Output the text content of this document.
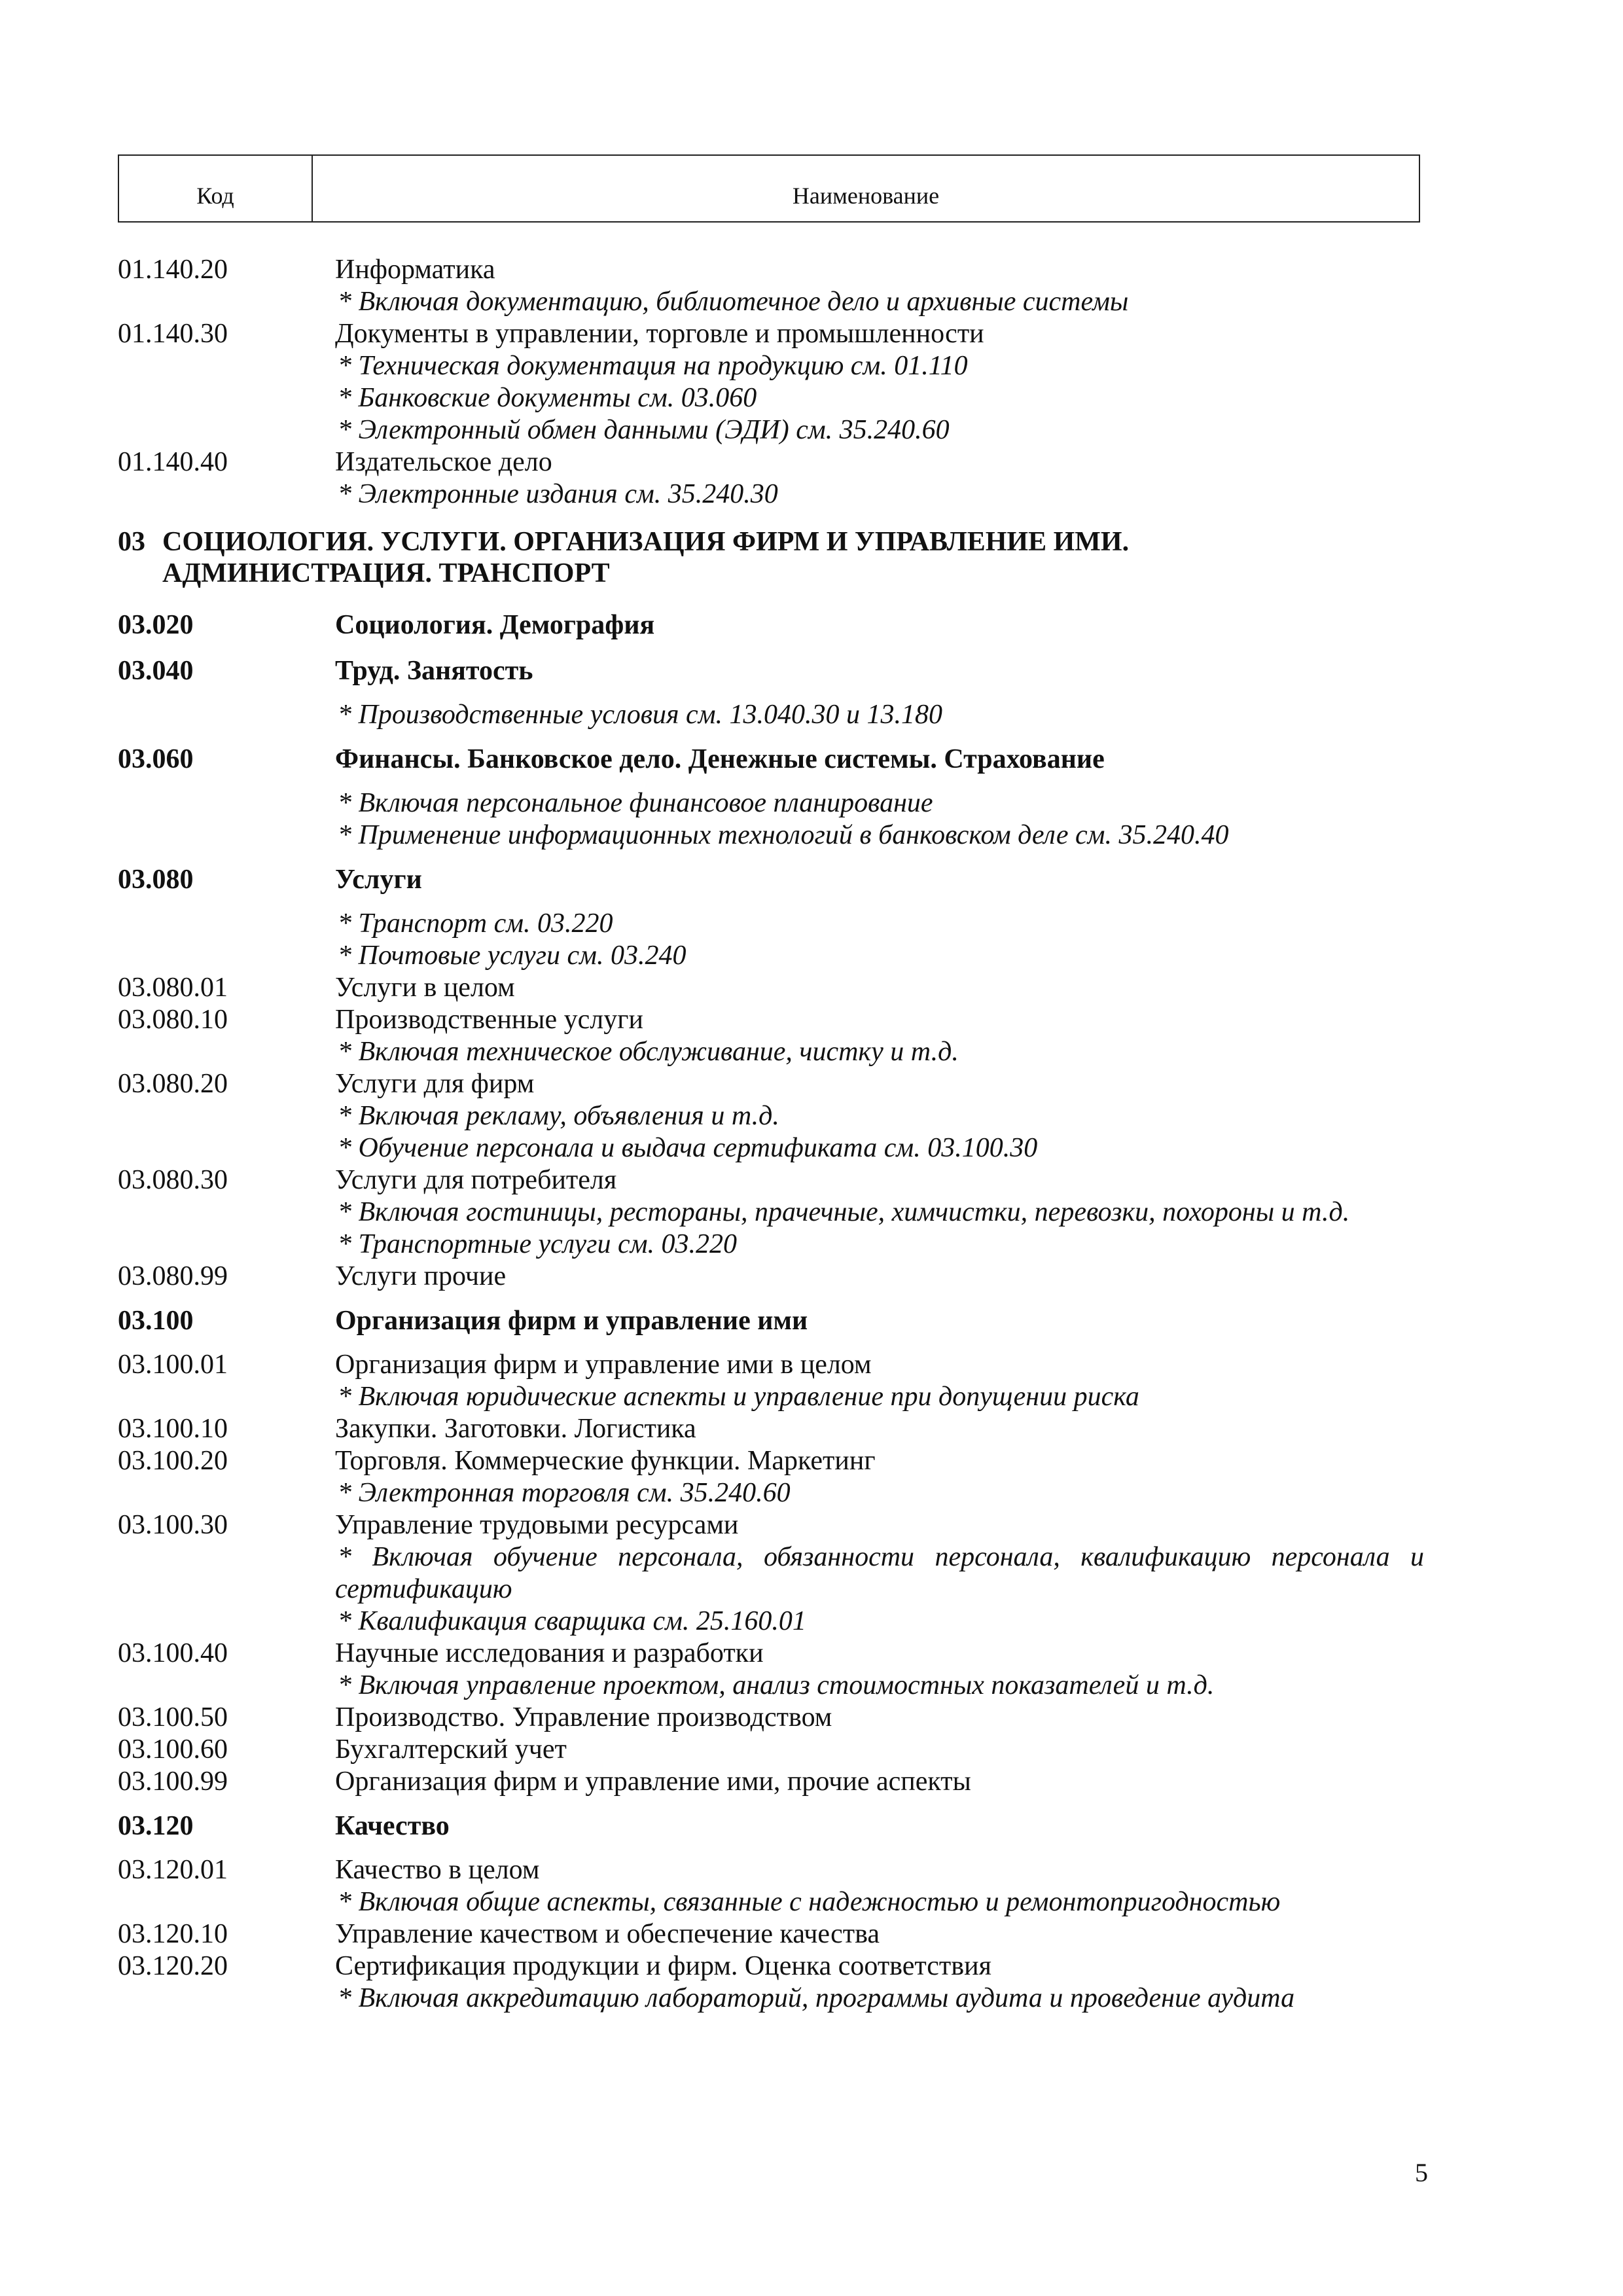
Код	Наименование
01.140.20	Информатика
* Включая документацию, библиотечное дело и архивные системы
01.140.30	Документы в управлении, торговле и промышленности
* Техническая документация на продукцию см. 01.110
* Банковские документы см. 03.060
* Электронный обмен данными (ЭДИ) см. 35.240.60
01.140.40	Издательское дело
* Электронные издания см. 35.240.30
03 СОЦИОЛОГИЯ. УСЛУГИ. ОРГАНИЗАЦИЯ ФИРМ И УПРАВЛЕНИЕ ИМИ.
АДМИНИСТРАЦИЯ. ТРАНСПОРТ
03.020	Социология. Демография
03.040	Труд. Занятость
* Производственные условия см. 13.040.30 и 13.180
03.060	Финансы. Банковское дело. Денежные системы. Страхование
* Включая персональное финансовое планирование
* Применение информационных технологий в банковском деле см. 35.240.40
03.080	Услуги
* Транспорт см. 03.220
* Почтовые услуги см. 03.240
03.080.01	Услуги в целом
03.080.10	Производственные услуги
* Включая техническое обслуживание, чистку и т.д.
03.080.20	Услуги для фирм
* Включая рекламу, объявления и т.д.
* Обучение персонала и выдача сертификата см. 03.100.30
03.080.30	Услуги для потребителя
* Включая гостиницы, рестораны, прачечные, химчистки, перевозки, похороны и т.д.
* Транспортные услуги см. 03.220
03.080.99	Услуги прочие
03.100	Организация фирм и управление ими
03.100.01	Организация фирм и управление ими в целом
* Включая юридические аспекты и управление при допущении риска
03.100.10	Закупки. Заготовки. Логистика
03.100.20	Торговля. Коммерческие функции. Маркетинг
* Электронная торговля см. 35.240.60
03.100.30	Управление трудовыми ресурсами
* Включая обучение персонала, обязанности персонала, квалификацию персонала и
сертификацию
* Квалификация сварщика см. 25.160.01
03.100.40	Научные исследования и разработки
* Включая управление проектом, анализ стоимостных показателей и т.д.
03.100.50	Производство. Управление производством
03.100.60	Бухгалтерский учет
03.100.99	Организация фирм и управление ими, прочие аспекты
03.120	Качество
03.120.01	Качество в целом
* Включая общие аспекты, связанные с надежностью и ремонтопригодностью
03.120.10	Управление качеством и обеспечение качества
03.120.20	Сертификация продукции и фирм. Оценка соответствия
* Включая аккредитацию лабораторий, программы аудита и проведение аудита
5
